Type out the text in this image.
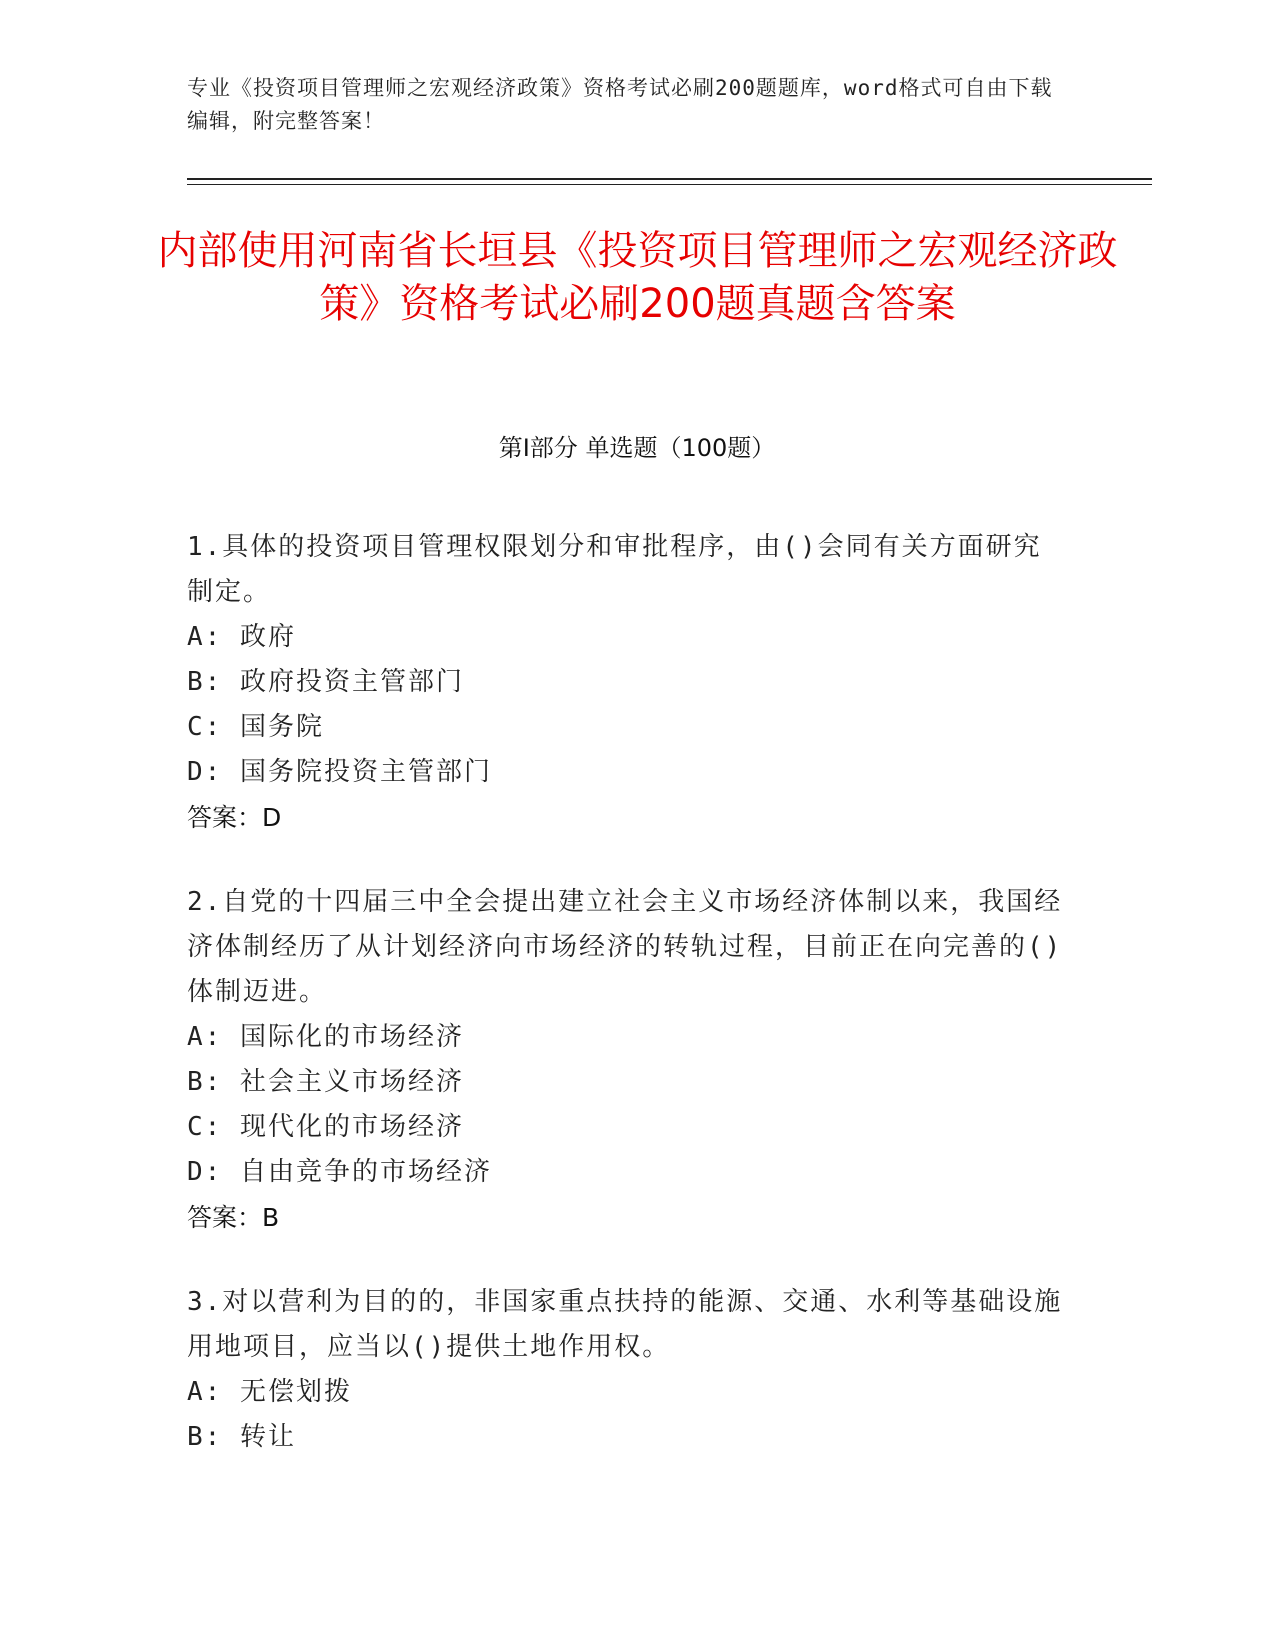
专业《投资项目管理师之宏观经济政策》资格考试必刷200题题库，word格式可自由下载编辑，附完整答案！
内部使用河南省长垣县《投资项目管理师之宏观经济政策》资格考试必刷200题真题含答案
第Ⅰ部分 单选题（100题）
1.具体的投资项目管理权限划分和审批程序，由()会同有关方面研究制定。
A: 政府
B: 政府投资主管部门
C: 国务院
D: 国务院投资主管部门
答案：D
2.自党的十四届三中全会提出建立社会主义市场经济体制以来，我国经济体制经历了从计划经济向市场经济的转轨过程，目前正在向完善的()体制迈进。
A: 国际化的市场经济
B: 社会主义市场经济
C: 现代化的市场经济
D: 自由竞争的市场经济
答案：B
3.对以营利为目的的，非国家重点扶持的能源、交通、水利等基础设施用地项目，应当以()提供土地作用权。
A: 无偿划拨
B: 转让
